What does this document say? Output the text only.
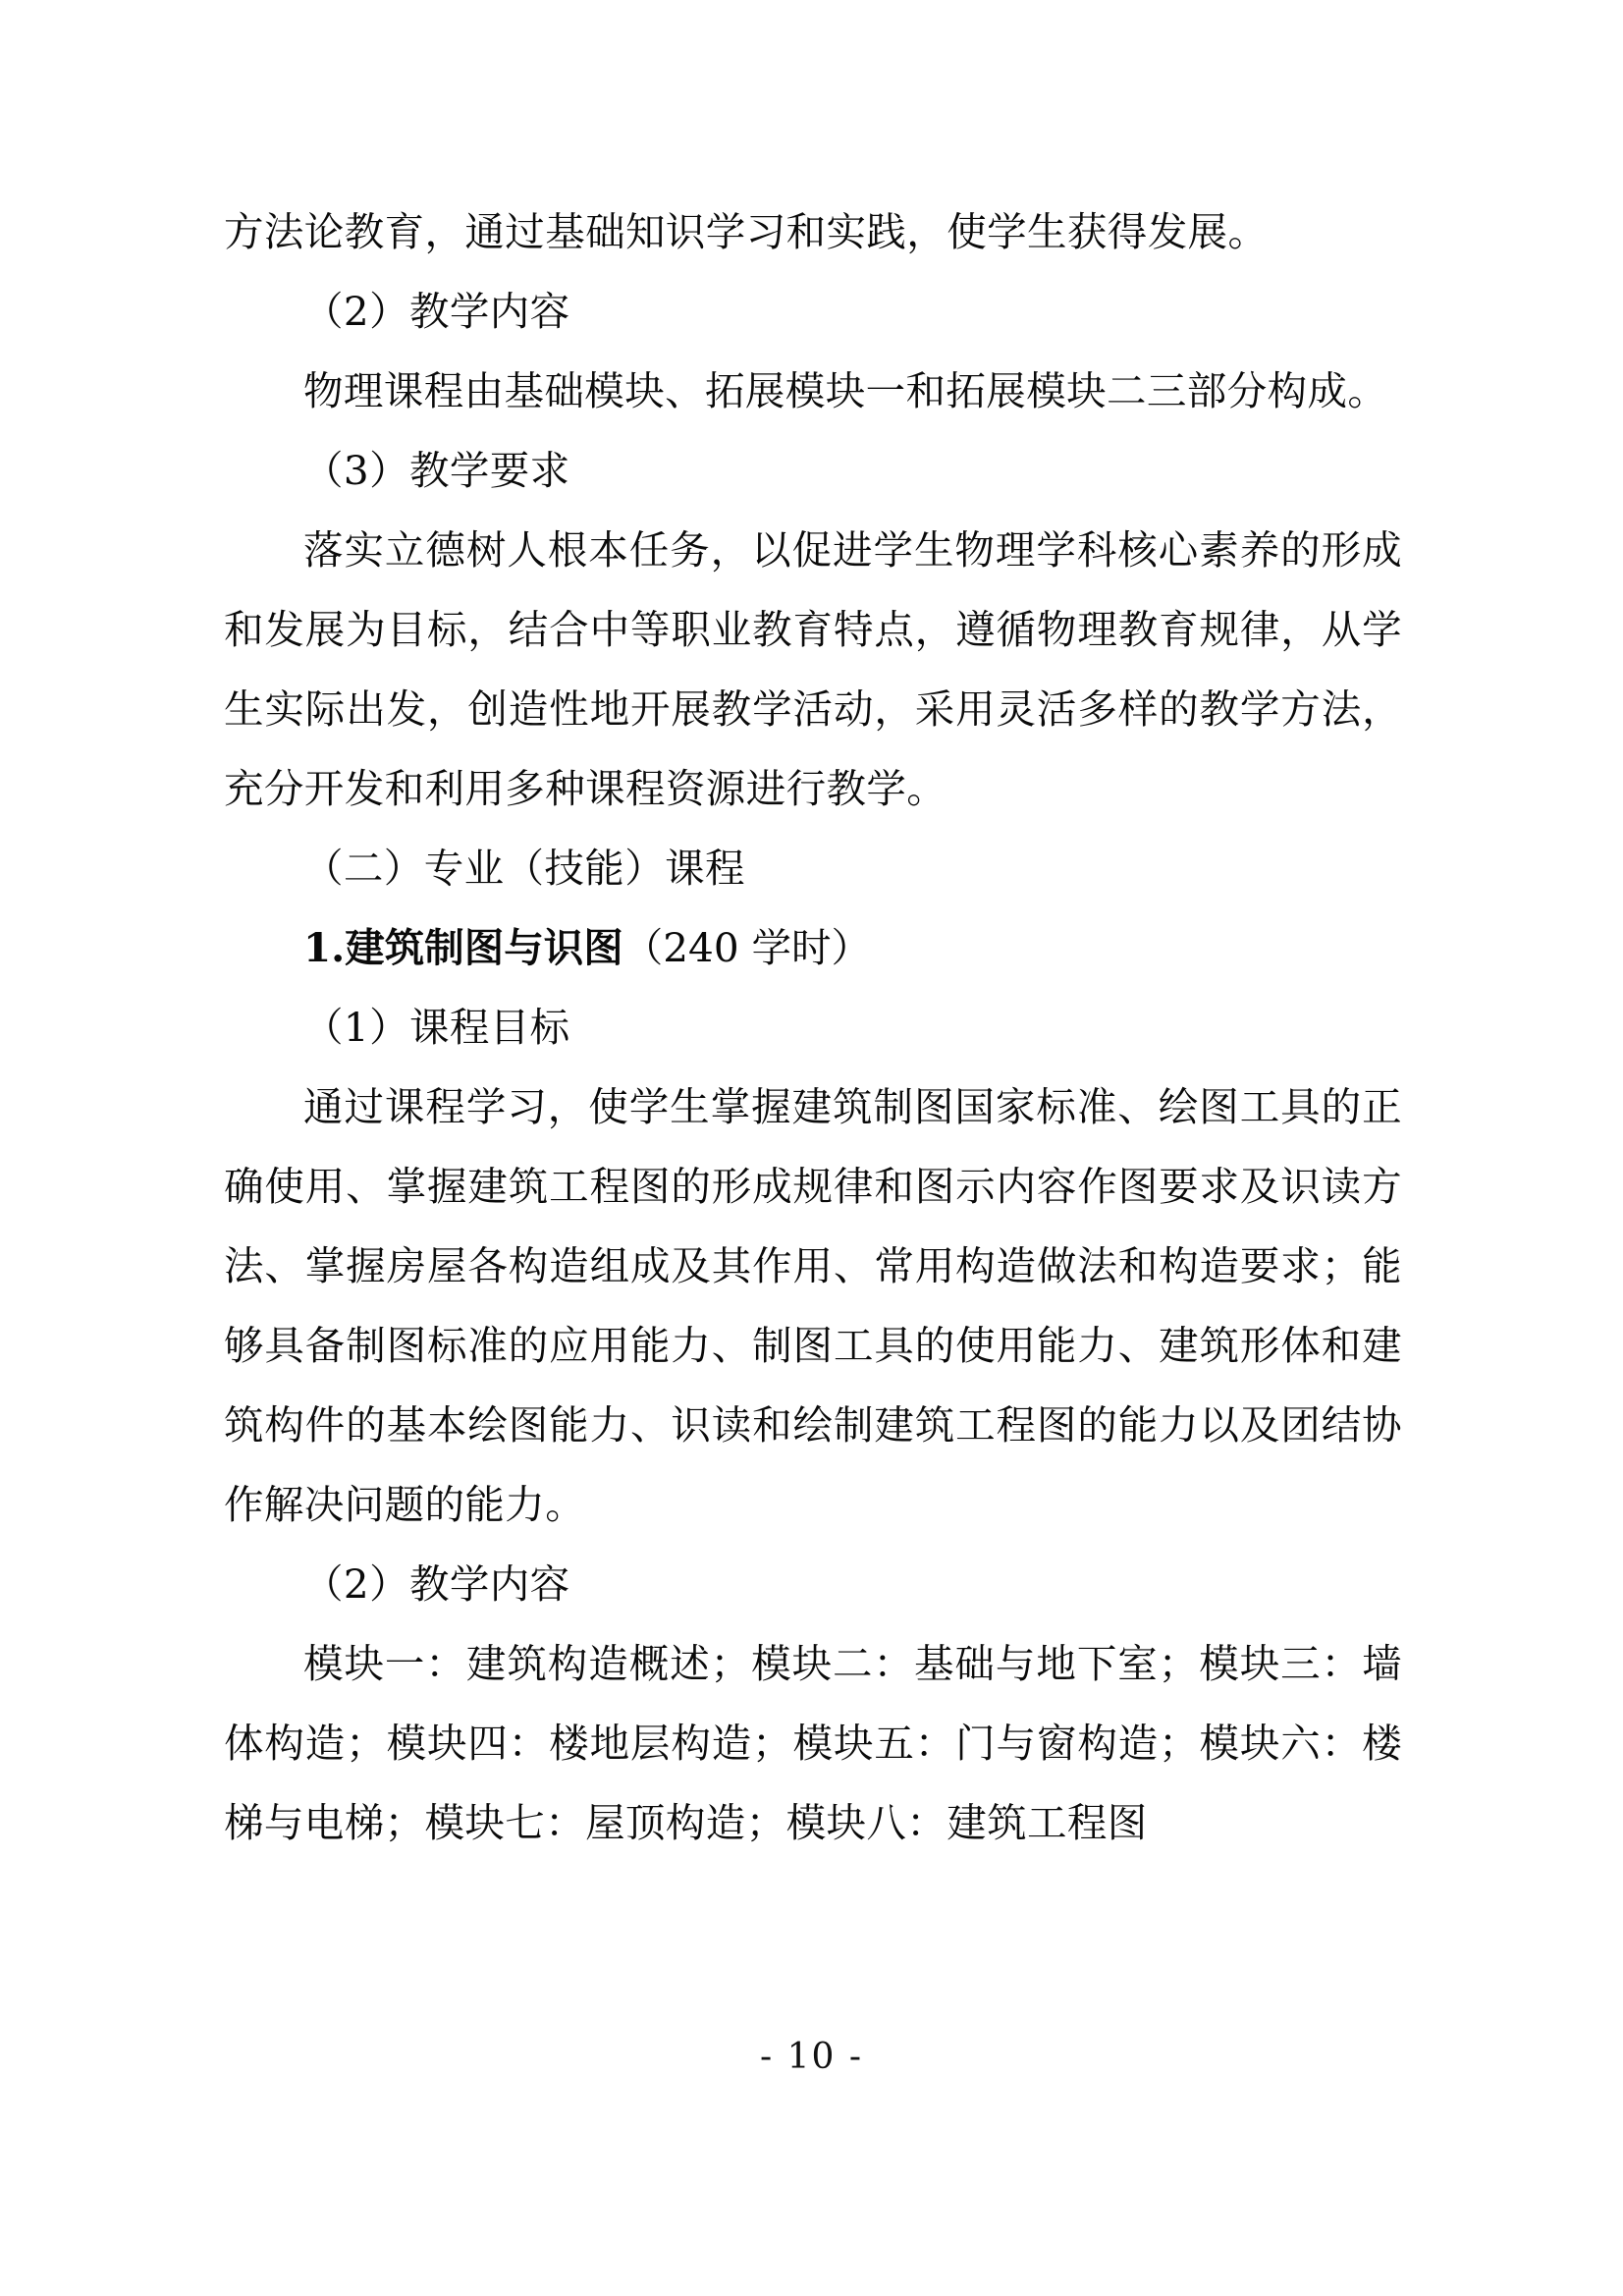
方法论教育，通过基础知识学习和实践，使学生获得发展。

（2）教学内容

物理课程由基础模块、拓展模块一和拓展模块二三部分构成。

（3）教学要求

落实立德树人根本任务，以促进学生物理学科核心素养的形成和发展为目标，结合中等职业教育特点，遵循物理教育规律，从学生实际出发，创造性地开展教学活动，采用灵活多样的教学方法，充分开发和利用多种课程资源进行教学。

（二）专业（技能）课程

1.建筑制图与识图（240 学时）

（1）课程目标

通过课程学习，使学生掌握建筑制图国家标准、绘图工具的正确使用、掌握建筑工程图的形成规律和图示内容作图要求及识读方法、掌握房屋各构造组成及其作用、常用构造做法和构造要求；能够具备制图标准的应用能力、制图工具的使用能力、建筑形体和建筑构件的基本绘图能力、识读和绘制建筑工程图的能力以及团结协作解决问题的能力。

（2）教学内容

模块一：建筑构造概述；模块二：基础与地下室；模块三：墙体构造；模块四：楼地层构造；模块五：门与窗构造；模块六：楼梯与电梯；模块七：屋顶构造；模块八：建筑工程图

- 10 -
